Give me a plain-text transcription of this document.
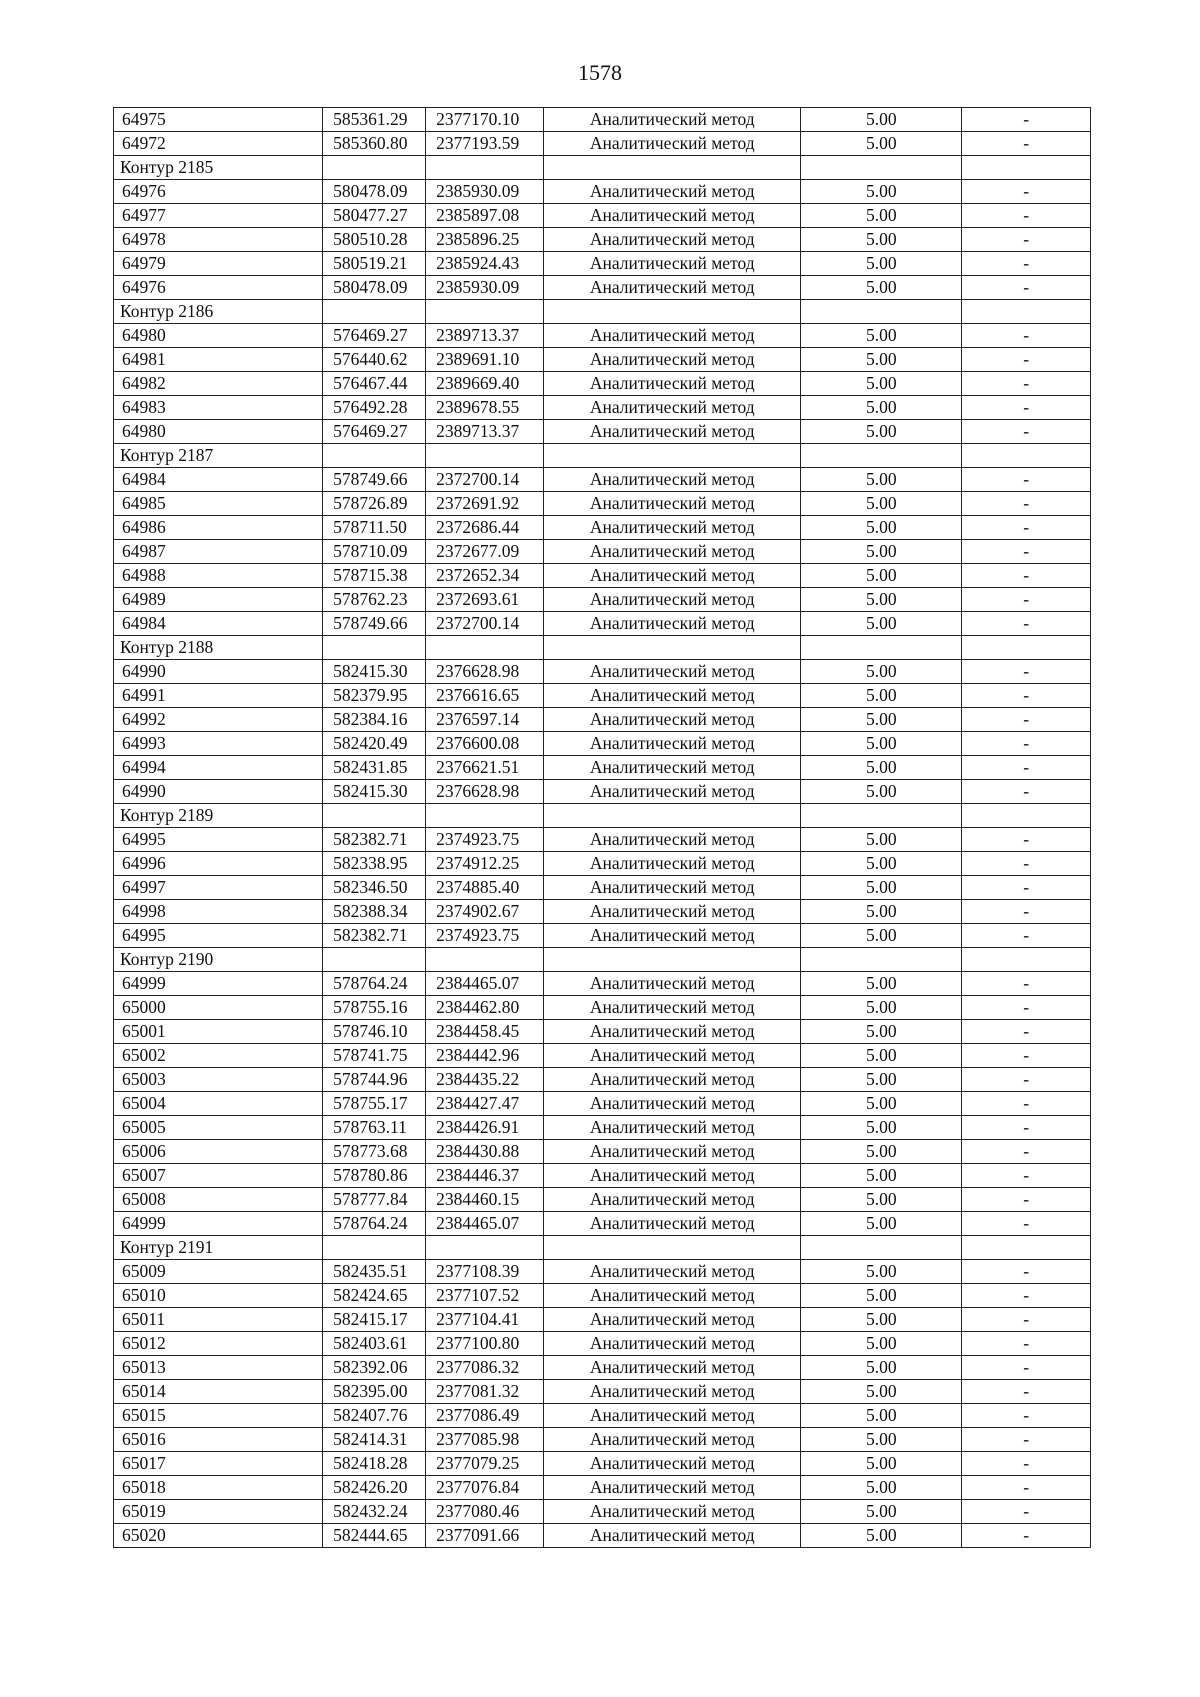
1578
64975	585361.29	2377170.10	Аналитический метод	5.00	-
64972	585360.80	2377193.59	Аналитический метод	5.00	-
Контур 2185					
64976	580478.09	2385930.09	Аналитический метод	5.00	-
64977	580477.27	2385897.08	Аналитический метод	5.00	-
64978	580510.28	2385896.25	Аналитический метод	5.00	-
64979	580519.21	2385924.43	Аналитический метод	5.00	-
64976	580478.09	2385930.09	Аналитический метод	5.00	-
Контур 2186					
64980	576469.27	2389713.37	Аналитический метод	5.00	-
64981	576440.62	2389691.10	Аналитический метод	5.00	-
64982	576467.44	2389669.40	Аналитический метод	5.00	-
64983	576492.28	2389678.55	Аналитический метод	5.00	-
64980	576469.27	2389713.37	Аналитический метод	5.00	-
Контур 2187					
64984	578749.66	2372700.14	Аналитический метод	5.00	-
64985	578726.89	2372691.92	Аналитический метод	5.00	-
64986	578711.50	2372686.44	Аналитический метод	5.00	-
64987	578710.09	2372677.09	Аналитический метод	5.00	-
64988	578715.38	2372652.34	Аналитический метод	5.00	-
64989	578762.23	2372693.61	Аналитический метод	5.00	-
64984	578749.66	2372700.14	Аналитический метод	5.00	-
Контур 2188					
64990	582415.30	2376628.98	Аналитический метод	5.00	-
64991	582379.95	2376616.65	Аналитический метод	5.00	-
64992	582384.16	2376597.14	Аналитический метод	5.00	-
64993	582420.49	2376600.08	Аналитический метод	5.00	-
64994	582431.85	2376621.51	Аналитический метод	5.00	-
64990	582415.30	2376628.98	Аналитический метод	5.00	-
Контур 2189					
64995	582382.71	2374923.75	Аналитический метод	5.00	-
64996	582338.95	2374912.25	Аналитический метод	5.00	-
64997	582346.50	2374885.40	Аналитический метод	5.00	-
64998	582388.34	2374902.67	Аналитический метод	5.00	-
64995	582382.71	2374923.75	Аналитический метод	5.00	-
Контур 2190					
64999	578764.24	2384465.07	Аналитический метод	5.00	-
65000	578755.16	2384462.80	Аналитический метод	5.00	-
65001	578746.10	2384458.45	Аналитический метод	5.00	-
65002	578741.75	2384442.96	Аналитический метод	5.00	-
65003	578744.96	2384435.22	Аналитический метод	5.00	-
65004	578755.17	2384427.47	Аналитический метод	5.00	-
65005	578763.11	2384426.91	Аналитический метод	5.00	-
65006	578773.68	2384430.88	Аналитический метод	5.00	-
65007	578780.86	2384446.37	Аналитический метод	5.00	-
65008	578777.84	2384460.15	Аналитический метод	5.00	-
64999	578764.24	2384465.07	Аналитический метод	5.00	-
Контур 2191					
65009	582435.51	2377108.39	Аналитический метод	5.00	-
65010	582424.65	2377107.52	Аналитический метод	5.00	-
65011	582415.17	2377104.41	Аналитический метод	5.00	-
65012	582403.61	2377100.80	Аналитический метод	5.00	-
65013	582392.06	2377086.32	Аналитический метод	5.00	-
65014	582395.00	2377081.32	Аналитический метод	5.00	-
65015	582407.76	2377086.49	Аналитический метод	5.00	-
65016	582414.31	2377085.98	Аналитический метод	5.00	-
65017	582418.28	2377079.25	Аналитический метод	5.00	-
65018	582426.20	2377076.84	Аналитический метод	5.00	-
65019	582432.24	2377080.46	Аналитический метод	5.00	-
65020	582444.65	2377091.66	Аналитический метод	5.00	-
